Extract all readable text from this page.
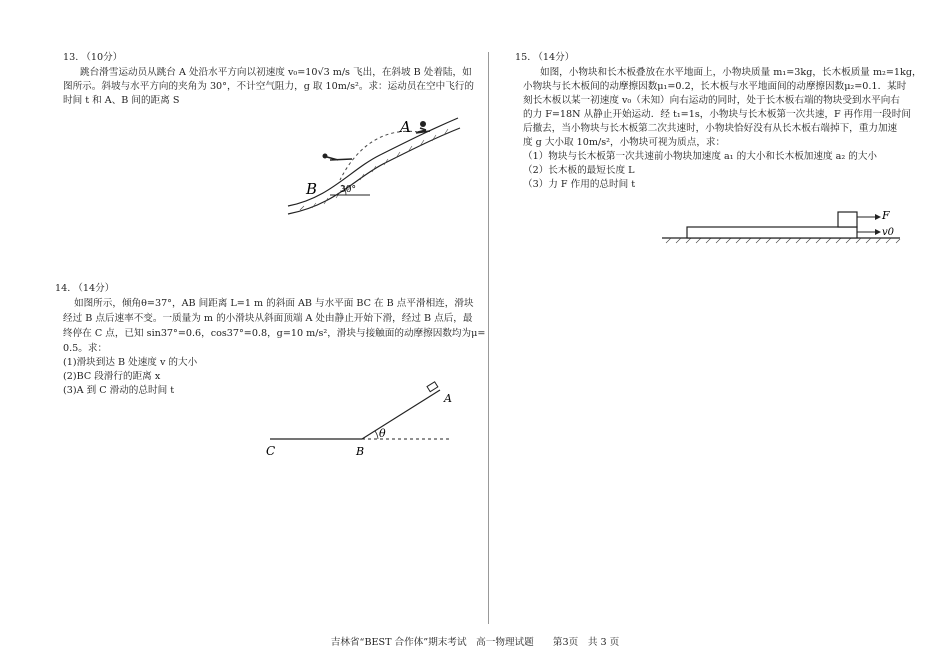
13. （10分）
跳台滑雪运动员从跳台 A 处沿水平方向以初速度 v₀=10√3 m/s 飞出，在斜坡 B 处着陆，如
图所示。斜坡与水平方向的夹角为 30°，不计空气阻力，g 取 10m/s²。求：运动员在空中飞行的
时间 t 和 A、B 间的距离 S
A
B	30°
14. （14分）
如图所示，倾角θ=37°，AB 间距离 L=1 m 的斜面 AB 与水平面 BC 在 B 点平滑相连，滑块
经过 B 点后速率不变。一质量为 m 的小滑块从斜面顶端 A 处由静止开始下滑，经过 B 点后，最
终停在 C 点，已知 sin37°=0.6，cos37°=0.8，g=10 m/s²，滑块与接触面的动摩擦因数均为μ=
0.5。求：
(1)滑块到达 B 处速度 v 的大小
(2)BC 段滑行的距离 x
(3)A 到 C 滑动的总时间 t
A
B
C
θ
15. （14分）
如图，小物块和长木板叠放在水平地面上，小物块质量 m₁=3kg，长木板质量 m₂=1kg，
小物块与长木板间的动摩擦因数μ₁=0.2，长木板与水平地面间的动摩擦因数μ₂=0.1．某时
刻长木板以某一初速度 v₀（未知）向右运动的同时，处于长木板右端的物块受到水平向右
的力 F=18N 从静止开始运动．经 t₁=1s，小物块与长木板第一次共速，F 再作用一段时间
后撤去，当小物块与长木板第二次共速时，小物块恰好没有从长木板右端掉下，重力加速
度 g 大小取 10m/s²，小物块可视为质点，求：
（1）物块与长木板第一次共速前小物块加速度 a₁ 的大小和长木板加速度 a₂ 的大小
（2）长木板的最短长度 L
（3）力 F 作用的总时间 t
F
v0
吉林省“BEST 合作体”期末考试　高一物理试题　　第3页　共 3 页
